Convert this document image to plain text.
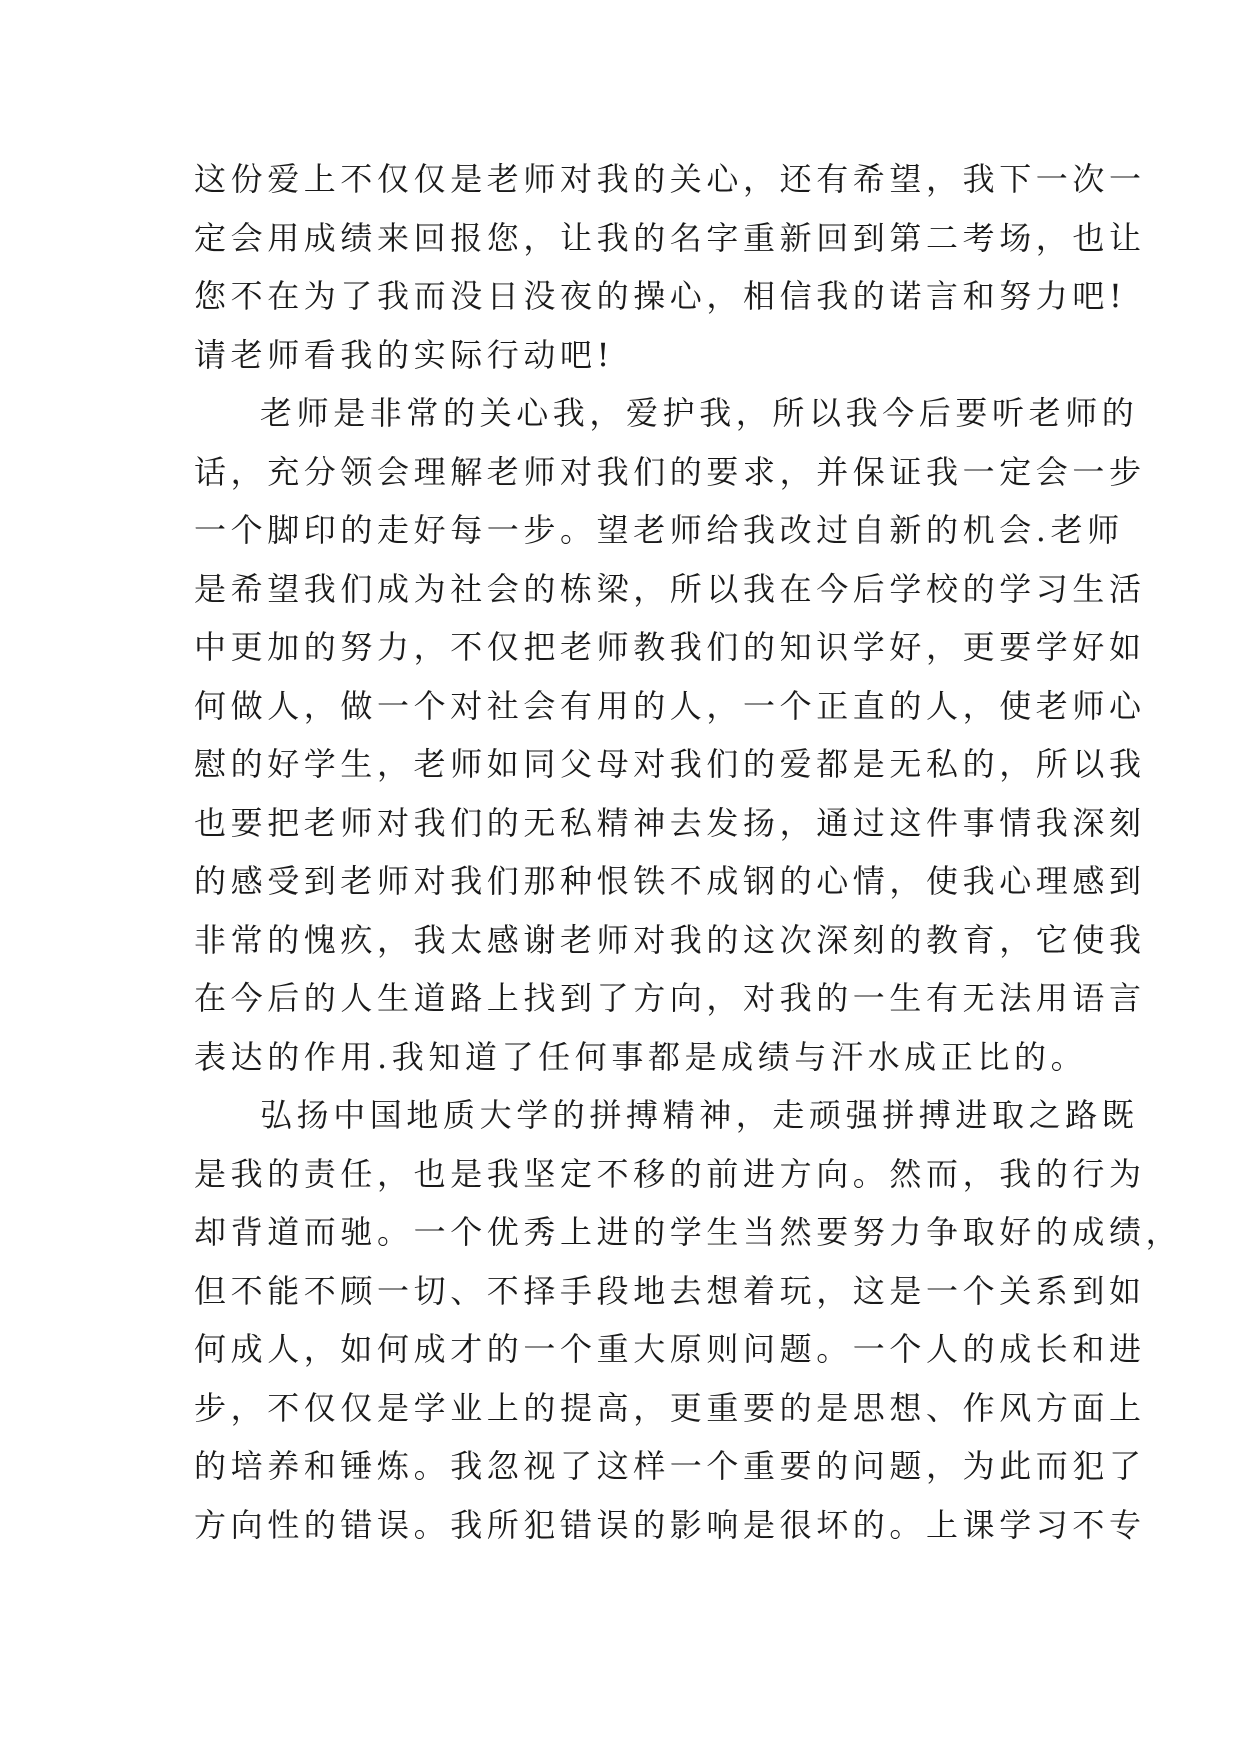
这份爱上不仅仅是老师对我的关心，还有希望，我下一次一
定会用成绩来回报您，让我的名字重新回到第二考场，也让
您不在为了我而没日没夜的操心，相信我的诺言和努力吧!
请老师看我的实际行动吧!
老师是非常的关心我，爱护我，所以我今后要听老师的
话，充分领会理解老师对我们的要求，并保证我一定会一步
一个脚印的走好每一步。望老师给我改过自新的机会.老师
是希望我们成为社会的栋梁，所以我在今后学校的学习生活
中更加的努力，不仅把老师教我们的知识学好，更要学好如
何做人，做一个对社会有用的人，一个正直的人，使老师心
慰的好学生，老师如同父母对我们的爱都是无私的，所以我
也要把老师对我们的无私精神去发扬，通过这件事情我深刻
的感受到老师对我们那种恨铁不成钢的心情，使我心理感到
非常的愧疚，我太感谢老师对我的这次深刻的教育，它使我
在今后的人生道路上找到了方向，对我的一生有无法用语言
表达的作用.我知道了任何事都是成绩与汗水成正比的。
弘扬中国地质大学的拼搏精神，走顽强拼搏进取之路既
是我的责任，也是我坚定不移的前进方向。然而，我的行为
却背道而驰。一个优秀上进的学生当然要努力争取好的成绩，
但不能不顾一切、不择手段地去想着玩，这是一个关系到如
何成人，如何成才的一个重大原则问题。一个人的成长和进
步，不仅仅是学业上的提高，更重要的是思想、作风方面上
的培养和锤炼。我忽视了这样一个重要的问题，为此而犯了
方向性的错误。我所犯错误的影响是很坏的。上课学习不专
